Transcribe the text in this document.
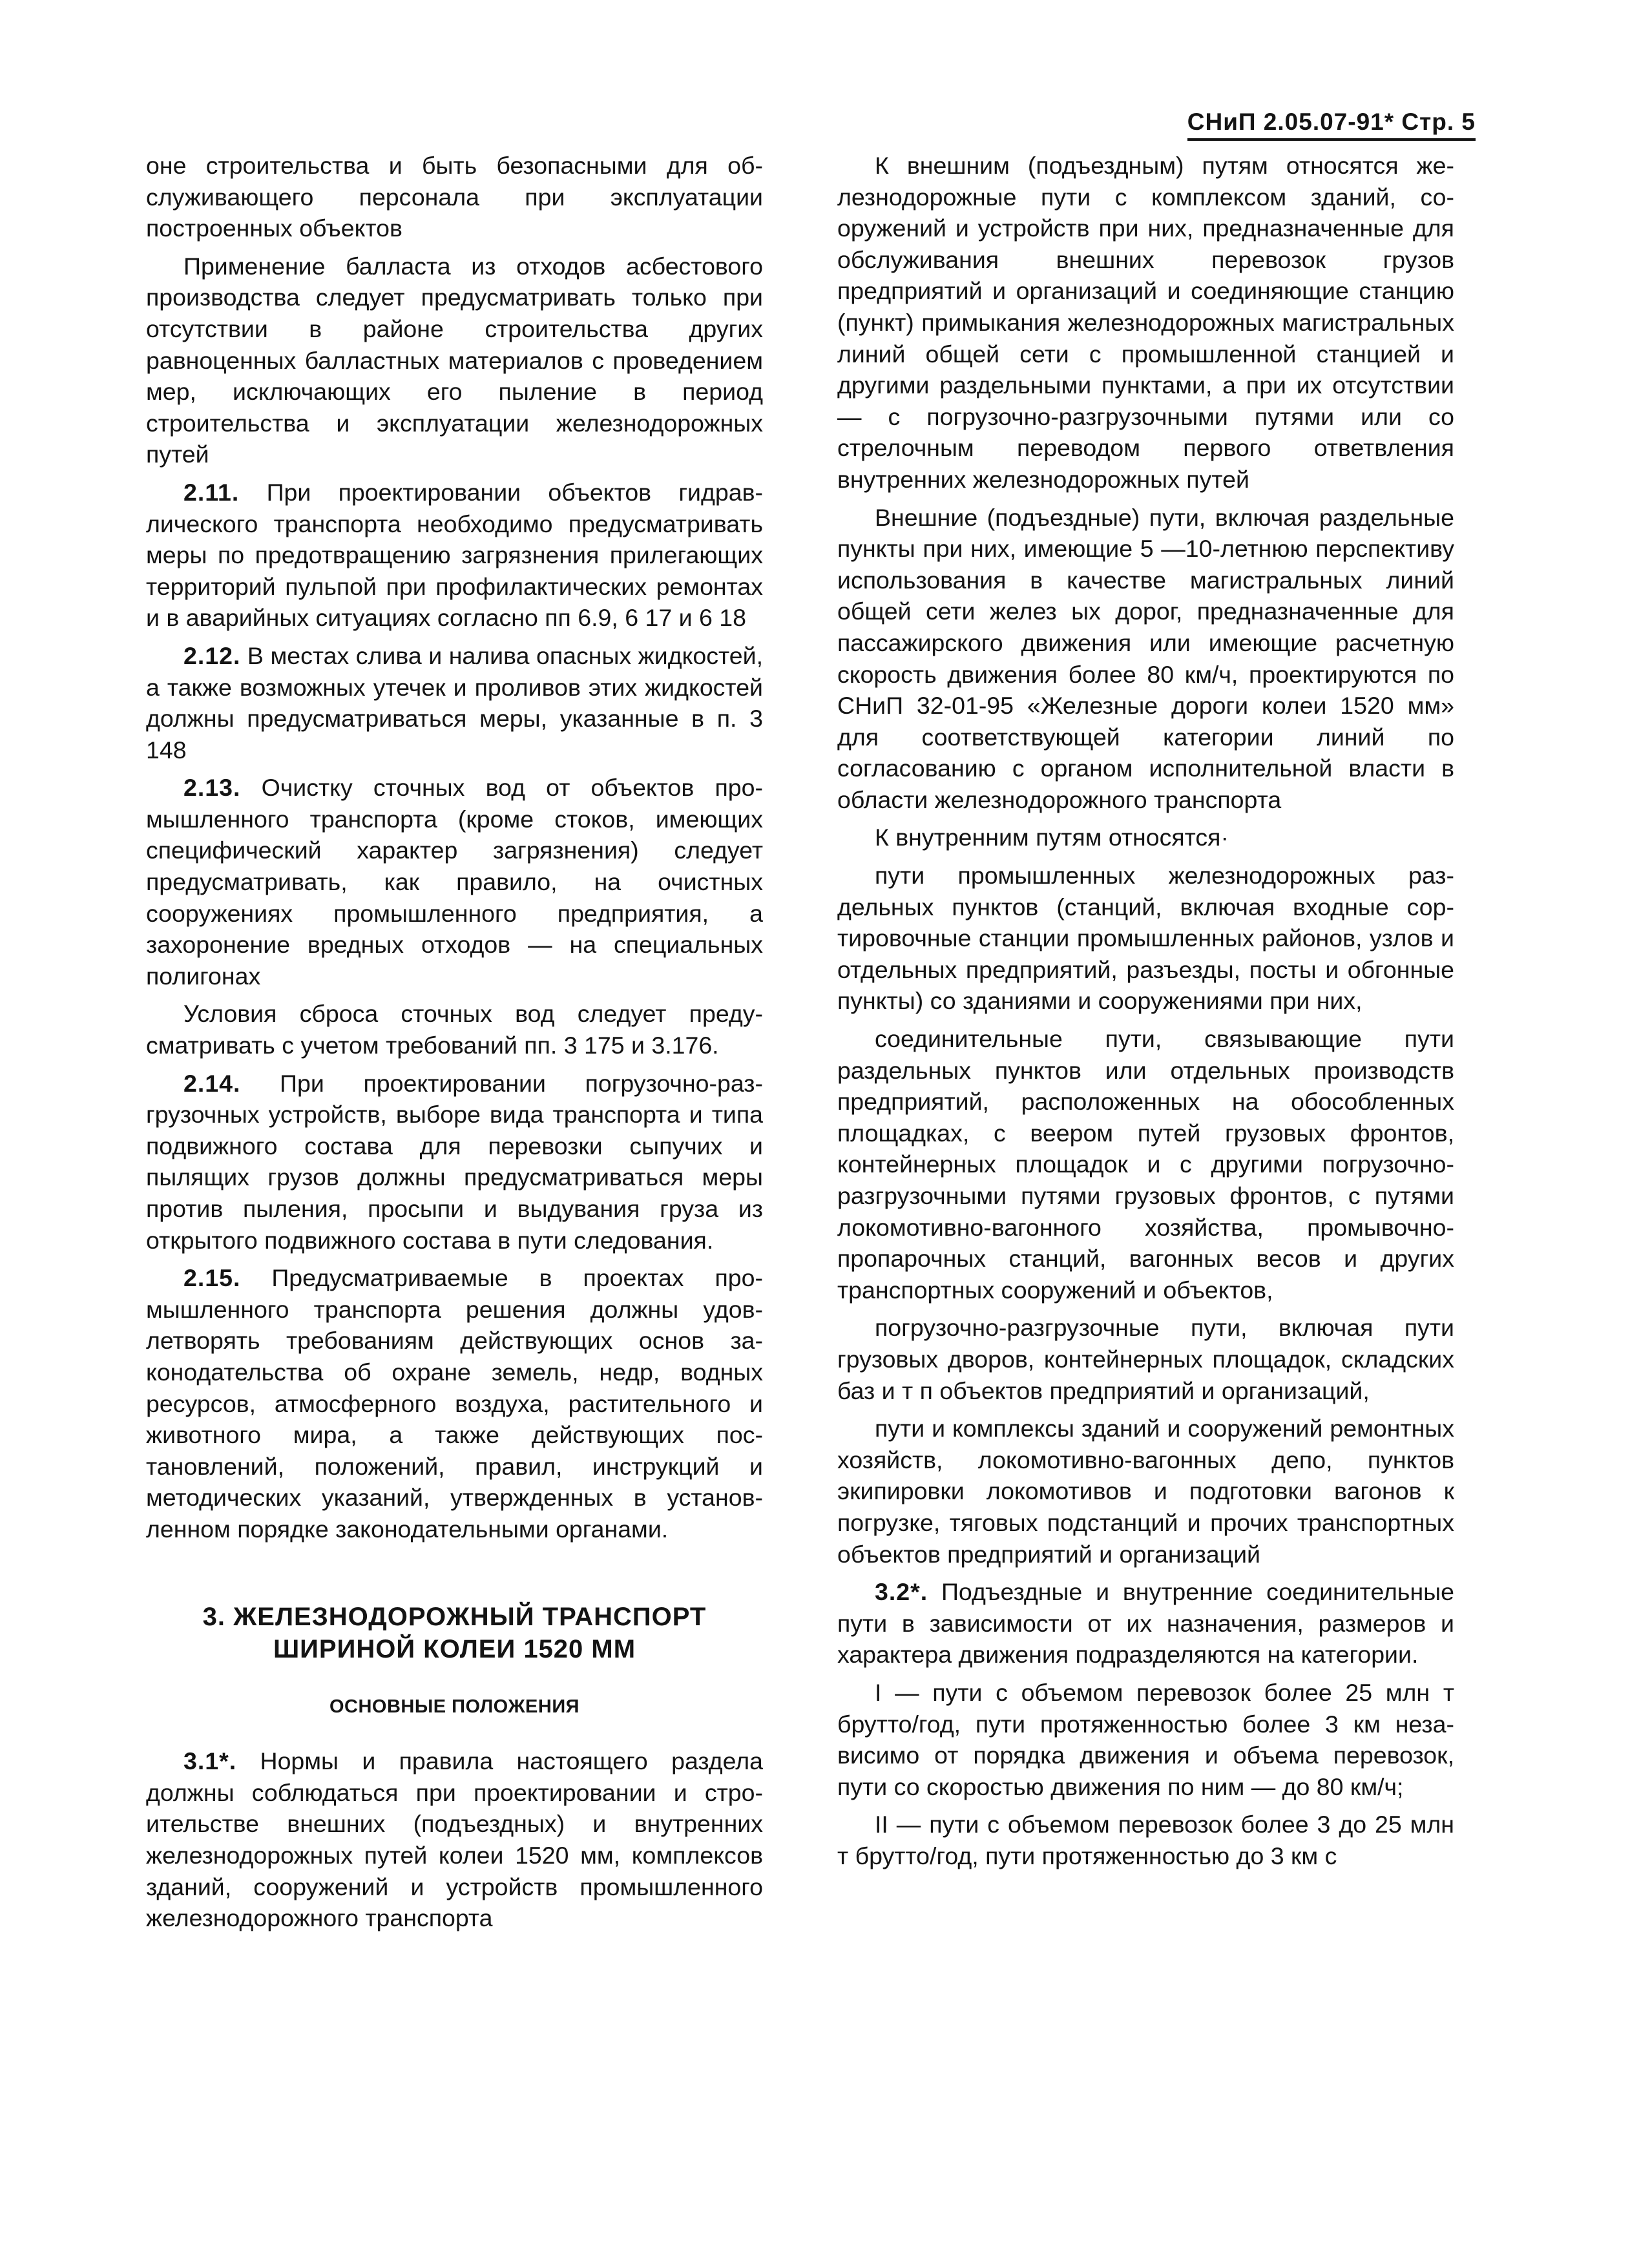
СНиП 2.05.07-91* Стр. 5

оне строительства и быть безопасными для обслуживающего персонала при эксплуатации построенных объектов

Применение балласта из отходов асбестового производства следует предусматривать только при отсутствии в районе строительства других равноценных балластных материалов с проведением мер, исключающих его пыление в период строительства и эксплуатации железнодорожных путей

2.11. При проектировании объектов гидравлического транспорта необходимо предусматривать меры по предотвращению загрязнения прилегающих территорий пульпой при профилактических ремонтах и в аварийных ситуациях согласно пп 6.9, 6 17 и 6 18

2.12. В местах слива и налива опасных жидкостей, а также возможных утечек и проливов этих жидкостей должны предусматриваться меры, указанные в п. 3 148

2.13. Очистку сточных вод от объектов промышленного транспорта (кроме стоков, имеющих специфический характер загрязнения) следует предусматривать, как правило, на очистных сооружениях промышленного предприятия, а захоронение вредных отходов — на специальных полигонах

Условия сброса сточных вод следует предусматривать с учетом требований пп. 3 175 и 3.176.

2.14. При проектировании погрузочно-разгрузочных устройств, выборе вида транспорта и типа подвижного состава для перевозки сыпучих и пылящих грузов должны предусматриваться меры против пыления, просыпи и выдувания груза из открытого подвижного состава в пути следования.

2.15. Предусматриваемые в проектах промышленного транспорта решения должны удовлетворять требованиям действующих основ законодательства об охране земель, недр, водных ресурсов, атмосферного воздуха, растительного и животного мира, а также действующих постановлений, положений, правил, инструкций и методических указаний, утвержденных в установленном порядке законодательными органами.

3. ЖЕЛЕЗНОДОРОЖНЫЙ ТРАНСПОРТ
ШИРИНОЙ КОЛЕИ 1520 ММ
ОСНОВНЫЕ ПОЛОЖЕНИЯ

3.1*. Нормы и правила настоящего раздела должны соблюдаться при проектировании и строительстве внешних (подъездных) и внутренних железнодорожных путей колеи 1520 мм, комплексов зданий, сооружений и устройств промышленного железнодорожного транспорта

К внешним (подъездным) путям относятся железнодорожные пути с комплексом зданий, сооружений и устройств при них, предназначенные для обслуживания внешних перевозок грузов предприятий и организаций и соединяющие станцию (пункт) примыкания железнодорожных магистральных линий общей сети с промышленной станцией и другими раздельными пунктами, а при их отсутствии — с погрузочно-разгрузочными путями или со стрелочным переводом первого ответвления внутренних железнодорожных путей

Внешние (подъездные) пути, включая раздельные пункты при них, имеющие 5 —10-летнюю перспективу использования в качестве магистральных линий общей сети желез ых дорог, предназначенные для пассажирского движения или имеющие расчетную скорость движения более 80 км/ч, проектируются по СНиП 32-01-95 «Железные дороги колеи 1520 мм» для соответствующей категории линий по согласованию с органом исполнительной власти в области железнодорожного транспорта

К внутренним путям относятся·

пути промышленных железнодорожных раздельных пунктов (станций, включая входные сортировочные станции промышленных районов, узлов и отдельных предприятий, разъезды, посты и обгонные пункты) со зданиями и сооружениями при них,

соединительные пути, связывающие пути раздельных пунктов или отдельных производств предприятий, расположенных на обособленных площадках, с веером путей грузовых фронтов, контейнерных площадок и с другими погрузочно-разгрузочными путями грузовых фронтов, с путями локомотивно-вагонного хозяйства, промывочно-пропарочных станций, вагонных весов и других транспортных сооружений и объектов,

погрузочно-разгрузочные пути, включая пути грузовых дворов, контейнерных площадок, складских баз и т п объектов предприятий и организаций,

пути и комплексы зданий и сооружений ремонтных хозяйств, локомотивно-вагонных депо, пунктов экипировки локомотивов и подготовки вагонов к погрузке, тяговых подстанций и прочих транспортных объектов предприятий и организаций

3.2*. Подъездные и внутренние соединительные пути в зависимости от их назначения, размеров и характера движения подразделяются на категории.

I — пути с объемом перевозок более 25 млн т брутто/год, пути протяженностью более 3 км независимо от порядка движения и объема перевозок, пути со скоростью движения по ним — до 80 км/ч;

II — пути с объемом перевозок более 3 до 25 млн т брутто/год, пути протяженностью до 3 км с
